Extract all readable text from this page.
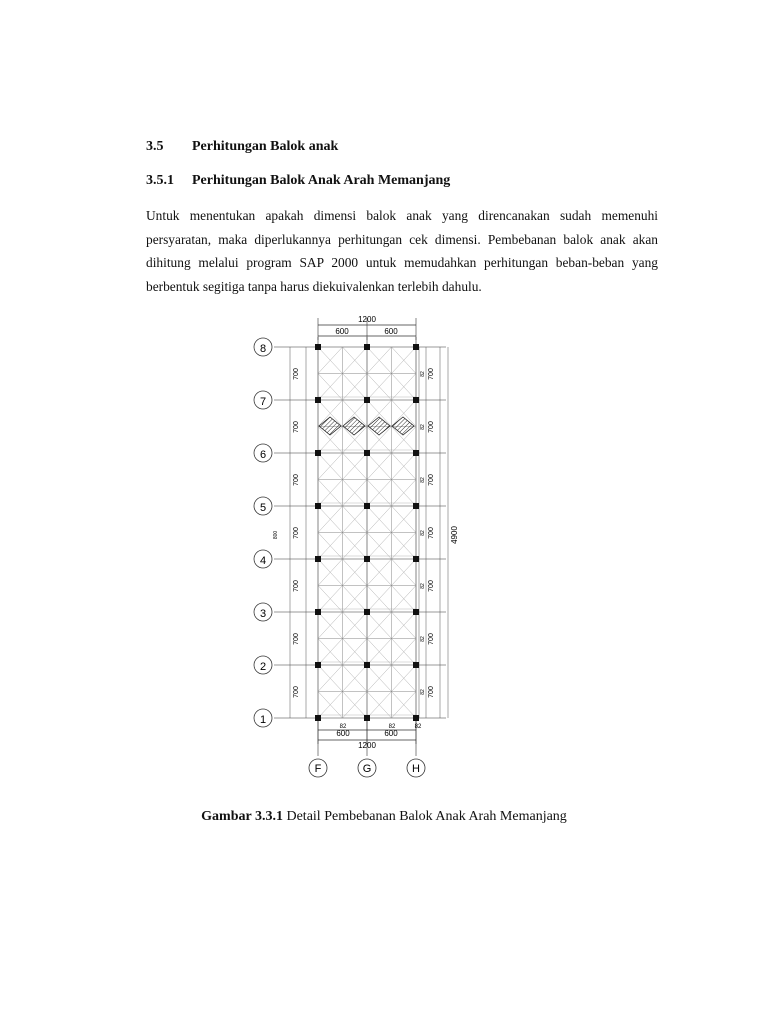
3.5 Perhitungan Balok anak
3.5.1 Perhitungan Balok Anak Arah Memanjang

Untuk menentukan apakah dimensi balok anak yang direncanakan sudah memenuhi persyaratan, maka diperlukannya perhitungan cek dimensi. Pembebanan balok anak akan dihitung melalui program SAP 2000 untuk memudahkan perhitungan beban-beban yang berbentuk segitiga tanpa harus diekuivalenkan terlebih dahulu.

1200
600	600
82	82	82
600	600
1200
4900
800
8
7
6
5
4
3
2
1
F	G	H
700
700
700
700
700
700
700
700
700
700
700
700
700
700
82
82
82
82
82
82
82
Gambar 3.3.1 Detail Pembebanan Balok Anak Arah Memanjang
